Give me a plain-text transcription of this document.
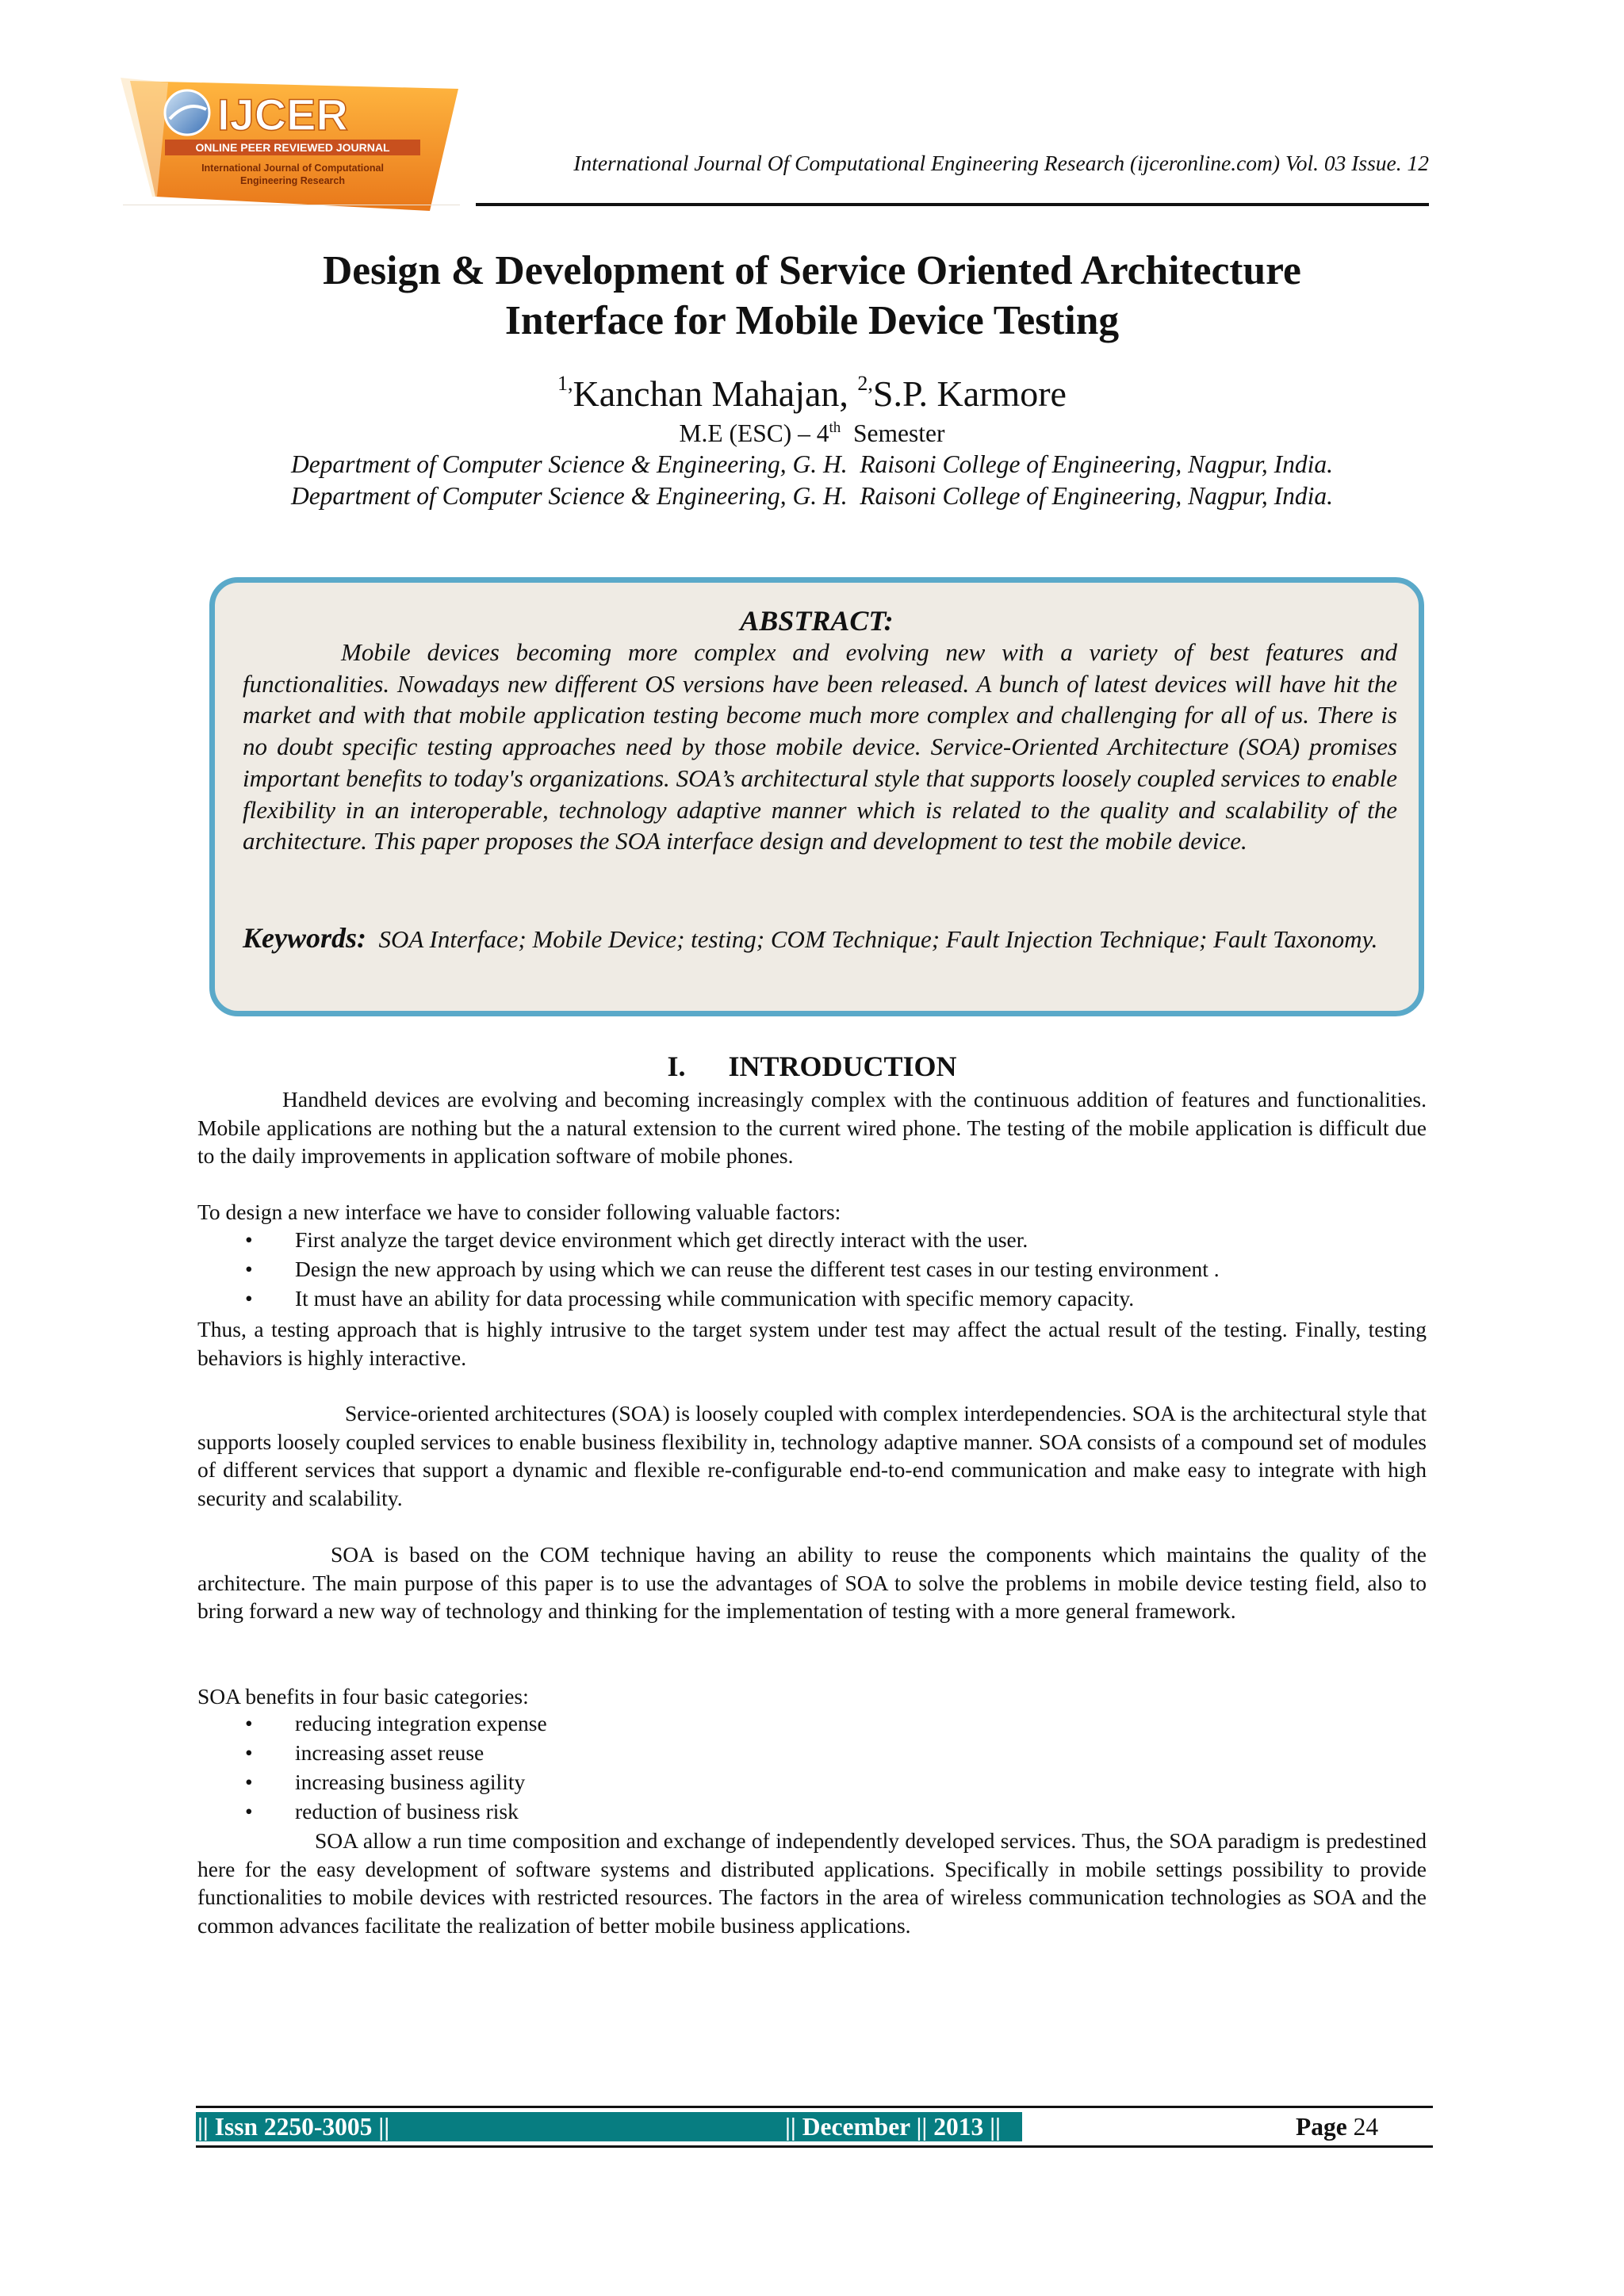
IJCER
ONLINE PEER REVIEWED JOURNAL
International Journal of Computational
Engineering Research
International Journal Of Computational Engineering Research (ijceronline.com) Vol. 03 Issue. 12
Design & Development of Service Oriented Architecture
Interface for Mobile Device Testing
$^{1,}$Kanchan Mahajan, $^{2,}$S.P. Karmore
M.E (ESC) – 4th  Semester
Department of Computer Science & Engineering, G. H.  Raisoni College of Engineering, Nagpur, India.
Department of Computer Science & Engineering, G. H.  Raisoni College of Engineering, Nagpur, India.
ABSTRACT:
Mobile devices becoming more complex and evolving new with a variety of best features and functionalities. Nowadays new different OS versions have been released. A bunch of latest devices will have hit the market and with that mobile application testing become much more complex and challenging for all of us. There is no doubt specific testing approaches need by those mobile device. Service-Oriented Architecture (SOA) promises important benefits to today's organizations. SOA’s architectural style that supports loosely coupled services to enable flexibility in an interoperable, technology adaptive manner which is related to the quality and scalability of the architecture. This paper proposes the SOA interface design and development to test the mobile device.
Keywords:  SOA Interface; Mobile Device; testing; COM Technique; Fault Injection Technique; Fault Taxonomy.
I.      INTRODUCTION
Handheld devices are evolving and becoming increasingly complex with the continuous addition of features and functionalities. Mobile applications are nothing but the a natural extension to the current wired phone. The testing of the mobile application is difficult due to the daily improvements in application software of mobile phones.
To design a new interface we have to consider following valuable factors:
• First analyze the target device environment which get directly interact with the user.
• Design the new approach by using which we can reuse the different test cases in our testing environment .
• It must have an ability for data processing while communication with specific memory capacity.
Thus, a testing approach that is highly intrusive to the target system under test may affect the actual result of the testing. Finally, testing behaviors is highly interactive.
Service-oriented architectures (SOA) is loosely coupled with complex interdependencies. SOA is the architectural style that supports loosely coupled services to enable business flexibility in, technology adaptive manner. SOA consists of a compound set of modules of different services that support a dynamic and flexible re-configurable end-to-end communication and make easy to integrate with high security and scalability.
SOA is based on the COM technique having an ability to reuse the components which maintains the quality of the architecture. The main purpose of this paper is to use the advantages of SOA to solve the problems in mobile device testing field, also to bring forward a new way of technology and thinking for the implementation of testing with a more general framework.
SOA benefits in four basic categories:
• reducing integration expense
• increasing asset reuse
• increasing business agility
• reduction of business risk
SOA allow a run time composition and exchange of independently developed services. Thus, the SOA paradigm is predestined here for the easy development of software systems and distributed applications. Specifically in mobile settings possibility to provide functionalities to mobile devices with restricted resources. The factors in the area of wireless communication technologies as SOA and the common advances facilitate the realization of better mobile business applications.
|| Issn 2250-3005 ||	|| December || 2013 ||	Page 24
